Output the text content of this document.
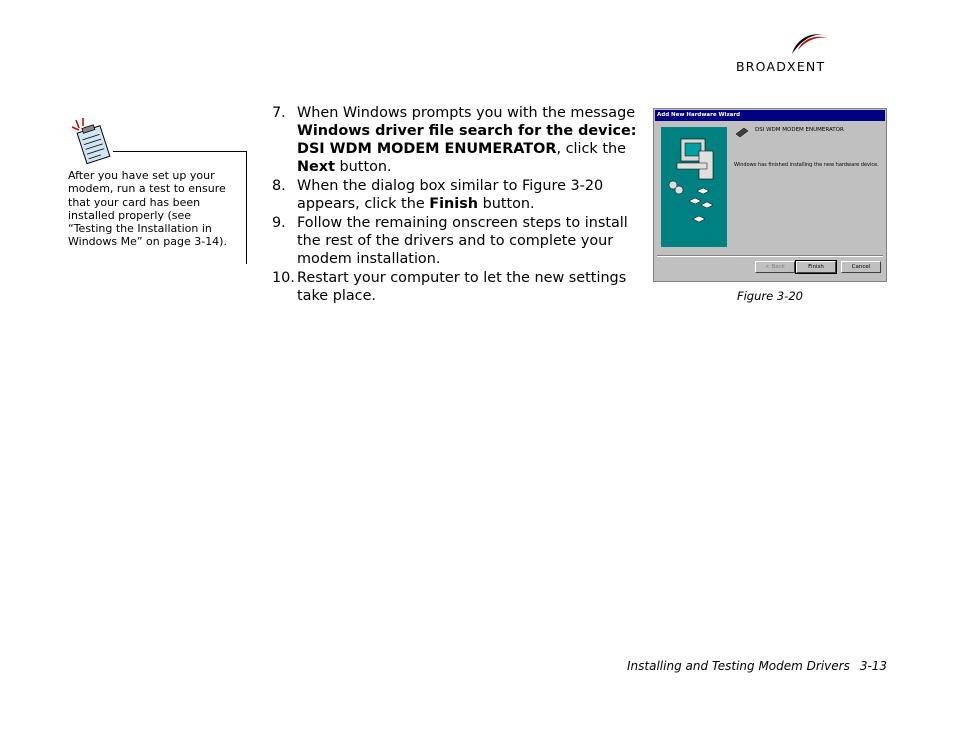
BROADXENT
After you have set up your
modem, run a test to ensure
that your card has been
installed properly (see
“Testing the Installation in
Windows Me” on page 3-14).
7. When Windows prompts you with the message
Windows driver file search for the device:
DSI WDM MODEM ENUMERATOR, click the
Next button.
8. When the dialog box similar to Figure 3-20
appears, click the Finish button.
9. Follow the remaining onscreen steps to install
the rest of the drivers and to complete your
modem installation.
10. Restart your computer to let the new settings
take place.
Add New Hardware Wizard
DSI WDM MODEM ENUMERATOR
Windows has finished installing the new hardware device.
< Back	Finish	Cancel
Figure 3-20
Installing and Testing Modem Drivers 3-13
